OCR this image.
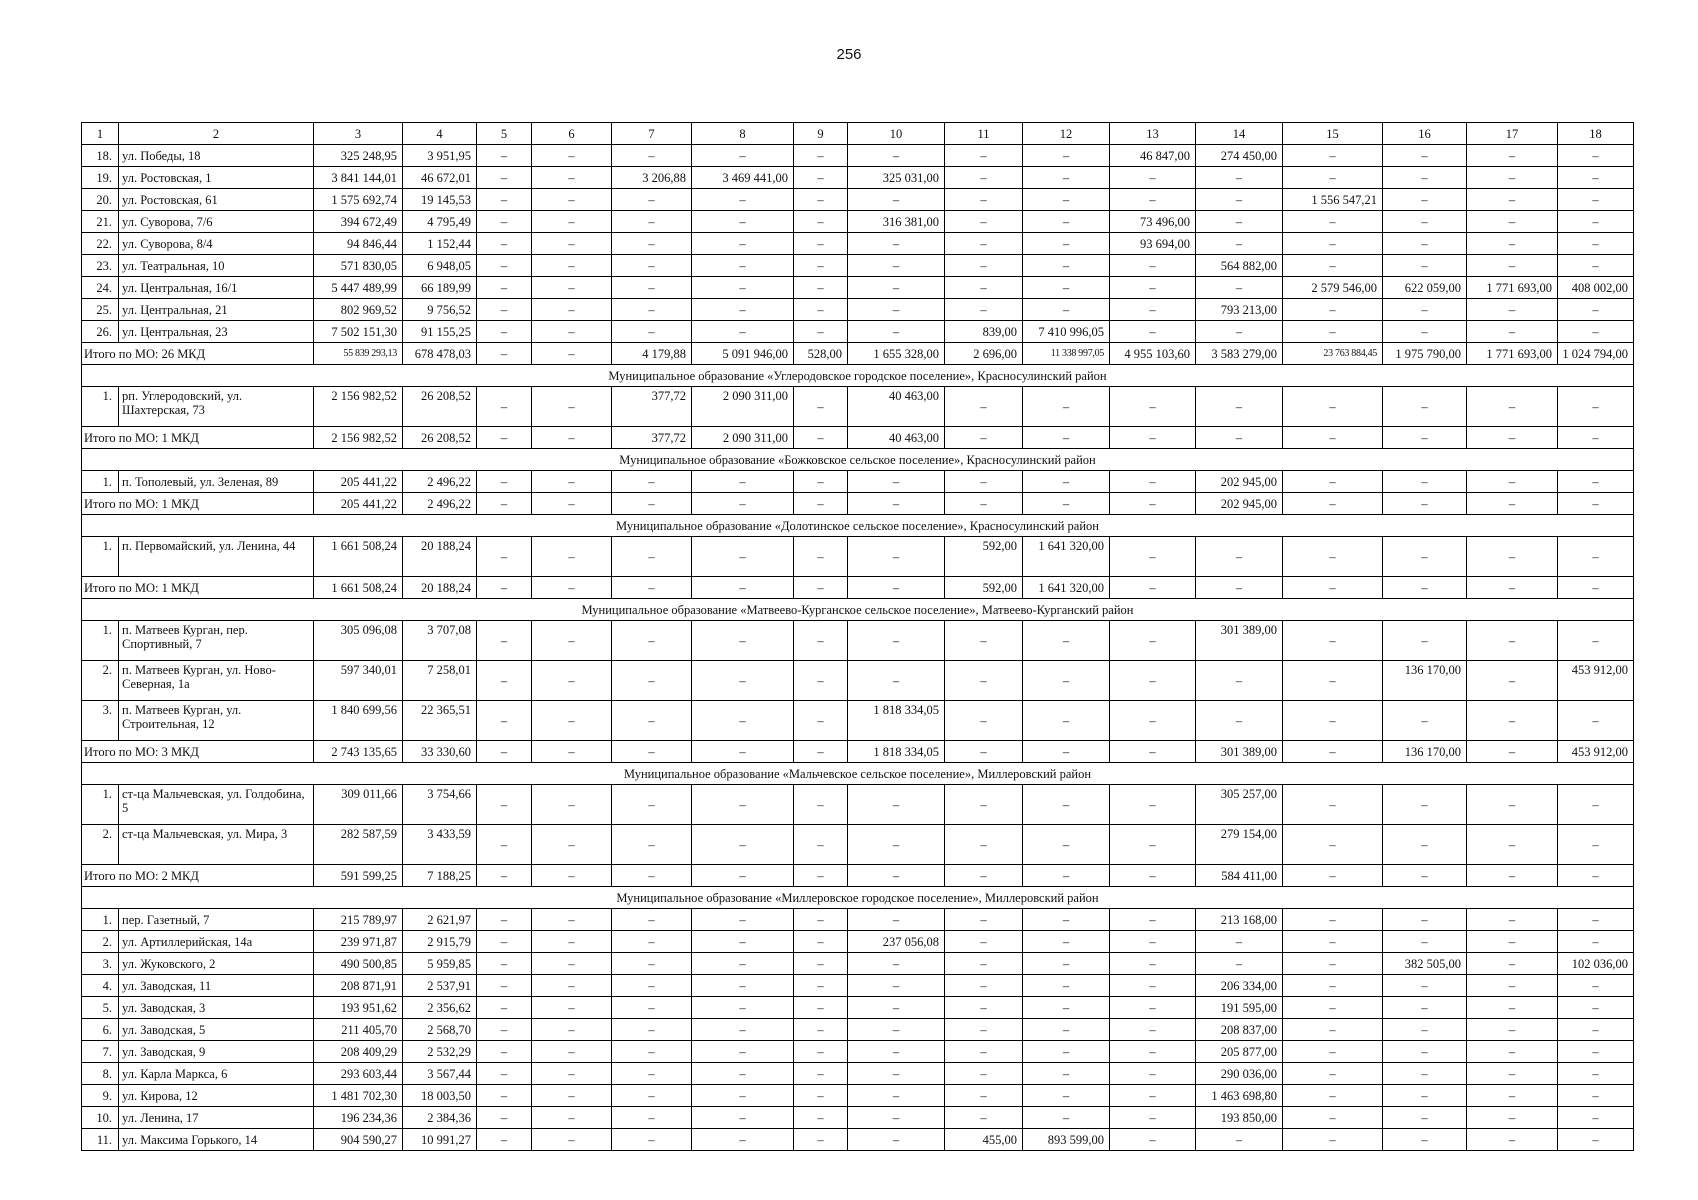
256
1	2	3	4	5	6	7	8	9	10	11	12	13	14	15	16	17	18
18.	ул. Победы, 18	325 248,95	3 951,95	–	–	–	–	–	–	–	–	46 847,00	274 450,00	–	–	–	–
19.	ул. Ростовская, 1	3 841 144,01	46 672,01	–	–	3 206,88	3 469 441,00	–	325 031,00	–	–	–	–	–	–	–	–
20.	ул. Ростовская, 61	1 575 692,74	19 145,53	–	–	–	–	–	–	–	–	–	–	1 556 547,21	–	–	–
21.	ул. Суворова, 7/6	394 672,49	4 795,49	–	–	–	–	–	316 381,00	–	–	73 496,00	–	–	–	–	–
22.	ул. Суворова, 8/4	94 846,44	1 152,44	–	–	–	–	–	–	–	–	93 694,00	–	–	–	–	–
23.	ул. Театральная, 10	571 830,05	6 948,05	–	–	–	–	–	–	–	–	–	564 882,00	–	–	–	–
24.	ул. Центральная, 16/1	5 447 489,99	66 189,99	–	–	–	–	–	–	–	–	–	–	2 579 546,00	622 059,00	1 771 693,00	408 002,00
25.	ул. Центральная, 21	802 969,52	9 756,52	–	–	–	–	–	–	–	–	–	793 213,00	–	–	–	–
26.	ул. Центральная, 23	7 502 151,30	91 155,25	–	–	–	–	–	–	839,00	7 410 996,05	–	–	–	–	–	–
Итого по МО: 26 МКД		55 839 293,13	678 478,03	–	–	4 179,88	5 091 946,00	528,00	1 655 328,00	2 696,00	11 338 997,05	4 955 103,60	3 583 279,00	23 763 884,45	1 975 790,00	1 771 693,00	1 024 794,00
Муниципальное образование «Углеродовское городское поселение», Красносулинский район																	
1.	рп. Углеродовский, ул. Шахтерская, 73	2 156 982,52	26 208,52	–	–	377,72	2 090 311,00	–	40 463,00	–	–	–	–	–	–	–	–
Итого по МО: 1 МКД		2 156 982,52	26 208,52	–	–	377,72	2 090 311,00	–	40 463,00	–	–	–	–	–	–	–	–
Муниципальное образование «Божковское сельское поселение», Красносулинский район																	
1.	п. Тополевый, ул. Зеленая, 89	205 441,22	2 496,22	–	–	–	–	–	–	–	–	–	202 945,00	–	–	–	–
Итого по МО: 1 МКД		205 441,22	2 496,22	–	–	–	–	–	–	–	–	–	202 945,00	–	–	–	–
Муниципальное образование «Долотинское сельское поселение», Красносулинский район																	
1.	п. Первомайский, ул. Ленина, 44	1 661 508,24	20 188,24	–	–	–	–	–	–	592,00	1 641 320,00	–	–	–	–	–	–
Итого по МО: 1 МКД		1 661 508,24	20 188,24	–	–	–	–	–	–	592,00	1 641 320,00	–	–	–	–	–	–
Муниципальное образование «Матвеево-Курганское сельское поселение», Матвеево-Курганский район																	
1.	п. Матвеев Курган, пер. Спортивный, 7	305 096,08	3 707,08	–	–	–	–	–	–	–	–	–	301 389,00	–	–	–	–
2.	п. Матвеев Курган, ул. Ново-Северная, 1а	597 340,01	7 258,01	–	–	–	–	–	–	–	–	–	–	–	136 170,00	–	453 912,00
3.	п. Матвеев Курган, ул. Строительная, 12	1 840 699,56	22 365,51	–	–	–	–	–	1 818 334,05	–	–	–	–	–	–	–	–
Итого по МО: 3 МКД		2 743 135,65	33 330,60	–	–	–	–	–	1 818 334,05	–	–	–	301 389,00	–	136 170,00	–	453 912,00
Муниципальное образование «Мальчевское сельское поселение», Миллеровский район																	
1.	ст-ца Мальчевская, ул. Голдобина, 5	309 011,66	3 754,66	–	–	–	–	–	–	–	–	–	305 257,00	–	–	–	–
2.	ст-ца Мальчевская, ул. Мира, 3	282 587,59	3 433,59	–	–	–	–	–	–	–	–	–	279 154,00	–	–	–	–
Итого по МО: 2 МКД		591 599,25	7 188,25	–	–	–	–	–	–	–	–	–	584 411,00	–	–	–	–
Муниципальное образование «Миллеровское городское поселение», Миллеровский район																	
1.	пер. Газетный, 7	215 789,97	2 621,97	–	–	–	–	–	–	–	–	–	213 168,00	–	–	–	–
2.	ул. Артиллерийская, 14а	239 971,87	2 915,79	–	–	–	–	–	237 056,08	–	–	–	–	–	–	–	–
3.	ул. Жуковского, 2	490 500,85	5 959,85	–	–	–	–	–	–	–	–	–	–	–	382 505,00	–	102 036,00
4.	ул. Заводская, 11	208 871,91	2 537,91	–	–	–	–	–	–	–	–	–	206 334,00	–	–	–	–
5.	ул. Заводская, 3	193 951,62	2 356,62	–	–	–	–	–	–	–	–	–	191 595,00	–	–	–	–
6.	ул. Заводская, 5	211 405,70	2 568,70	–	–	–	–	–	–	–	–	–	208 837,00	–	–	–	–
7.	ул. Заводская, 9	208 409,29	2 532,29	–	–	–	–	–	–	–	–	–	205 877,00	–	–	–	–
8.	ул. Карла Маркса, 6	293 603,44	3 567,44	–	–	–	–	–	–	–	–	–	290 036,00	–	–	–	–
9.	ул. Кирова, 12	1 481 702,30	18 003,50	–	–	–	–	–	–	–	–	–	1 463 698,80	–	–	–	–
10.	ул. Ленина, 17	196 234,36	2 384,36	–	–	–	–	–	–	–	–	–	193 850,00	–	–	–	–
11.	ул. Максима Горького, 14	904 590,27	10 991,27	–	–	–	–	–	–	455,00	893 599,00	–	–	–	–	–	–
